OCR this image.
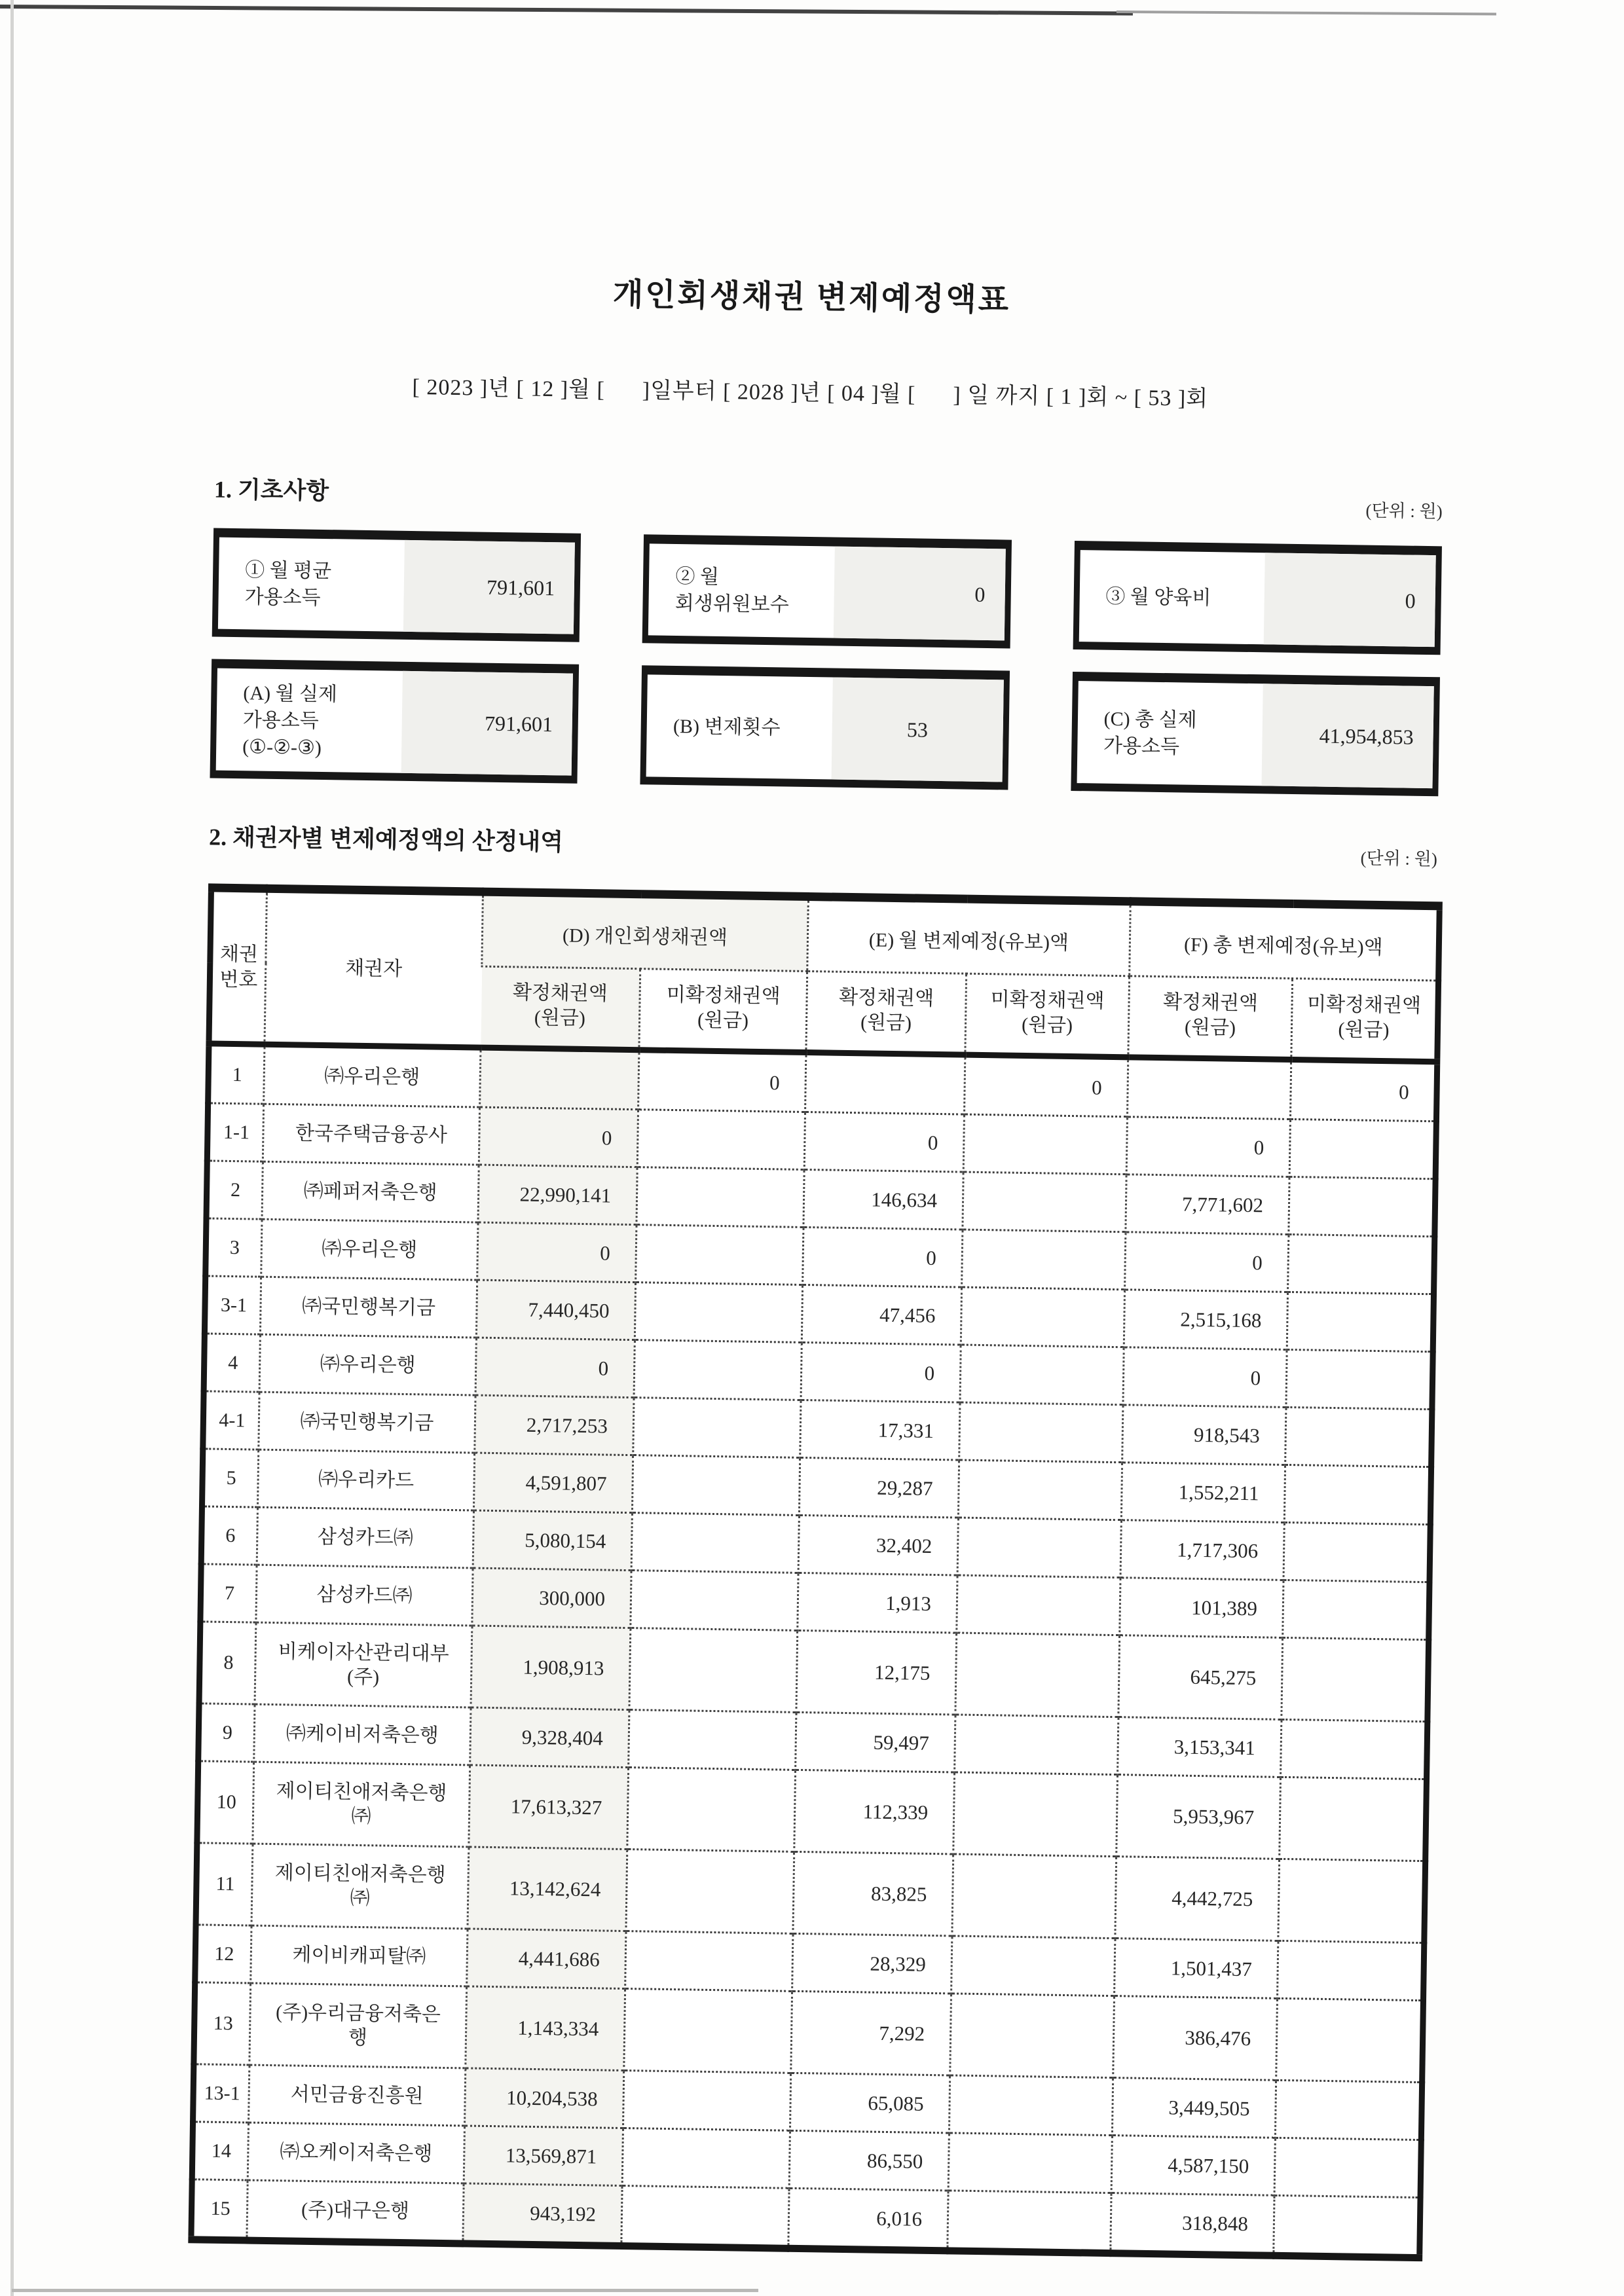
개인회생채권 변제예정액표
[ 2023 ]년 [ 12 ]월 [      ]일부터 [ 2028 ]년 [ 04 ]월 [      ] 일 까지 [ 1 ]회 ~ [ 53 ]회
1. 기초사항
(단위 : 원)
① 월 평균
가용소득	791,601	② 월
회생위원보수	0	③ 월 양육비	0
(A) 월 실제
가용소득
(①-②-③)
791,601	(B) 변제횟수	53	(C) 총 실제
가용소득	41,954,853
2. 채권자별 변제예정액의 산정내역
(단위 : 원)
채권
번호	채권자	(D) 개인회생채권액		(E) 월 변제예정(유보)액		(F) 총 변제예정(유보)액	
		확정채권액
(원금)	미확정채권액
(원금)	확정채권액
(원금)	미확정채권액
(원금)	확정채권액
(원금)	미확정채권액
(원금)
1	㈜우리은행		0		0		0
1-1	한국주택금융공사	0		0		0	
2	㈜페퍼저축은행	22,990,141		146,634		7,771,602	
3	㈜우리은행	0		0		0	
3-1	㈜국민행복기금	7,440,450		47,456		2,515,168	
4	㈜우리은행	0		0		0	
4-1	㈜국민행복기금	2,717,253		17,331		918,543	
5	㈜우리카드	4,591,807		29,287		1,552,211	
6	삼성카드㈜	5,080,154		32,402		1,717,306	
7	삼성카드㈜	300,000		1,913		101,389	
8	비케이자산관리대부
(주)	1,908,913		12,175		645,275	
9	㈜케이비저축은행	9,328,404		59,497		3,153,341	
10	제이티친애저축은행
㈜	17,613,327		112,339		5,953,967	
11	제이티친애저축은행
㈜	13,142,624		83,825		4,442,725	
12	케이비캐피탈㈜	4,441,686		28,329		1,501,437	
13	(주)우리금융저축은
행	1,143,334		7,292		386,476	
13-1	서민금융진흥원	10,204,538		65,085		3,449,505	
14	㈜오케이저축은행	13,569,871		86,550		4,587,150	
15	(주)대구은행	943,192		6,016		318,848	
